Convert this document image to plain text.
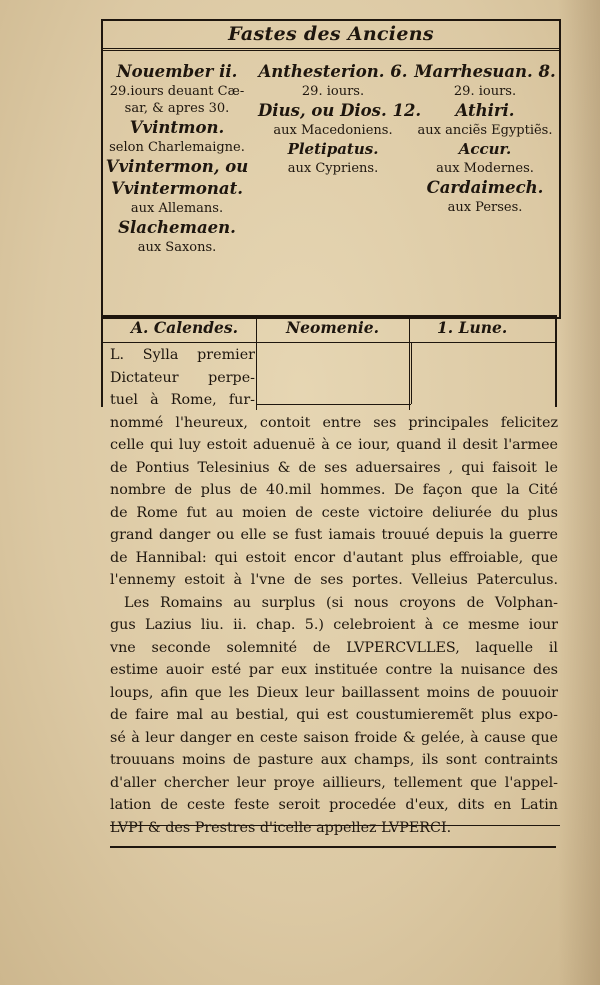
Fastes des Anciens
Nouember ii.
29.iours deuant Cæ-
sar, & apres 30.
Vvintmon.
selon Charlemaigne.
Vvintermon, ou
Vvintermonat.
aux Allemans.
Slachemaen.
aux Saxons.
Anthesterion. 6.
29. iours.
Dius, ou Dios. 12.
aux Macedoniens.
Pletipatus.
aux Cypriens.
Marrhesuan. 8.
29. iours.
Athiri.
aux anciẽs Egyptiẽs.
Accur.
aux Modernes.
Cardaimech.
aux Perses.
A. Calendes.	Neomenie.	1. Lune.
L. Sylla premier
Dictateur perpe-
tuel à Rome, fur-
nommé l'heureux, contoit entre ses principales felicitez
celle qui luy estoit aduenuë à ce iour, quand il desit l'armee
de Pontius Telesinius & de ses aduersaires , qui faisoit le
nombre de plus de 40.mil hommes. De façon que la Cité
de Rome fut au moien de ceste victoire deliurée du plus
grand danger ou elle se fust iamais trouué depuis la guerre
de Hannibal: qui estoit encor d'autant plus effroiable, que
l'ennemy estoit à l'vne de ses portes. Velleius Paterculus.
Les Romains au surplus (si nous croyons de Volphan-
gus Lazius liu. ii. chap. 5.) celebroient à ce mesme iour
vne seconde solemnité de LVPERCVLLES, laquelle il
estime auoir esté par eux instituée contre la nuisance des
loups, afin que les Dieux leur baillassent moins de pouuoir
de faire mal au bestial, qui est coustumieremẽt plus expo-
sé à leur danger en ceste saison froide & gelée, à cause que
trouuans moins de pasture aux champs, ils sont contraints
d'aller chercher leur proye aillieurs, tellement que l'appel-
lation de ceste feste seroit procedée d'eux, dits en Latin
LVPI & des Prestres d'icelle appellez LVPERCI.
